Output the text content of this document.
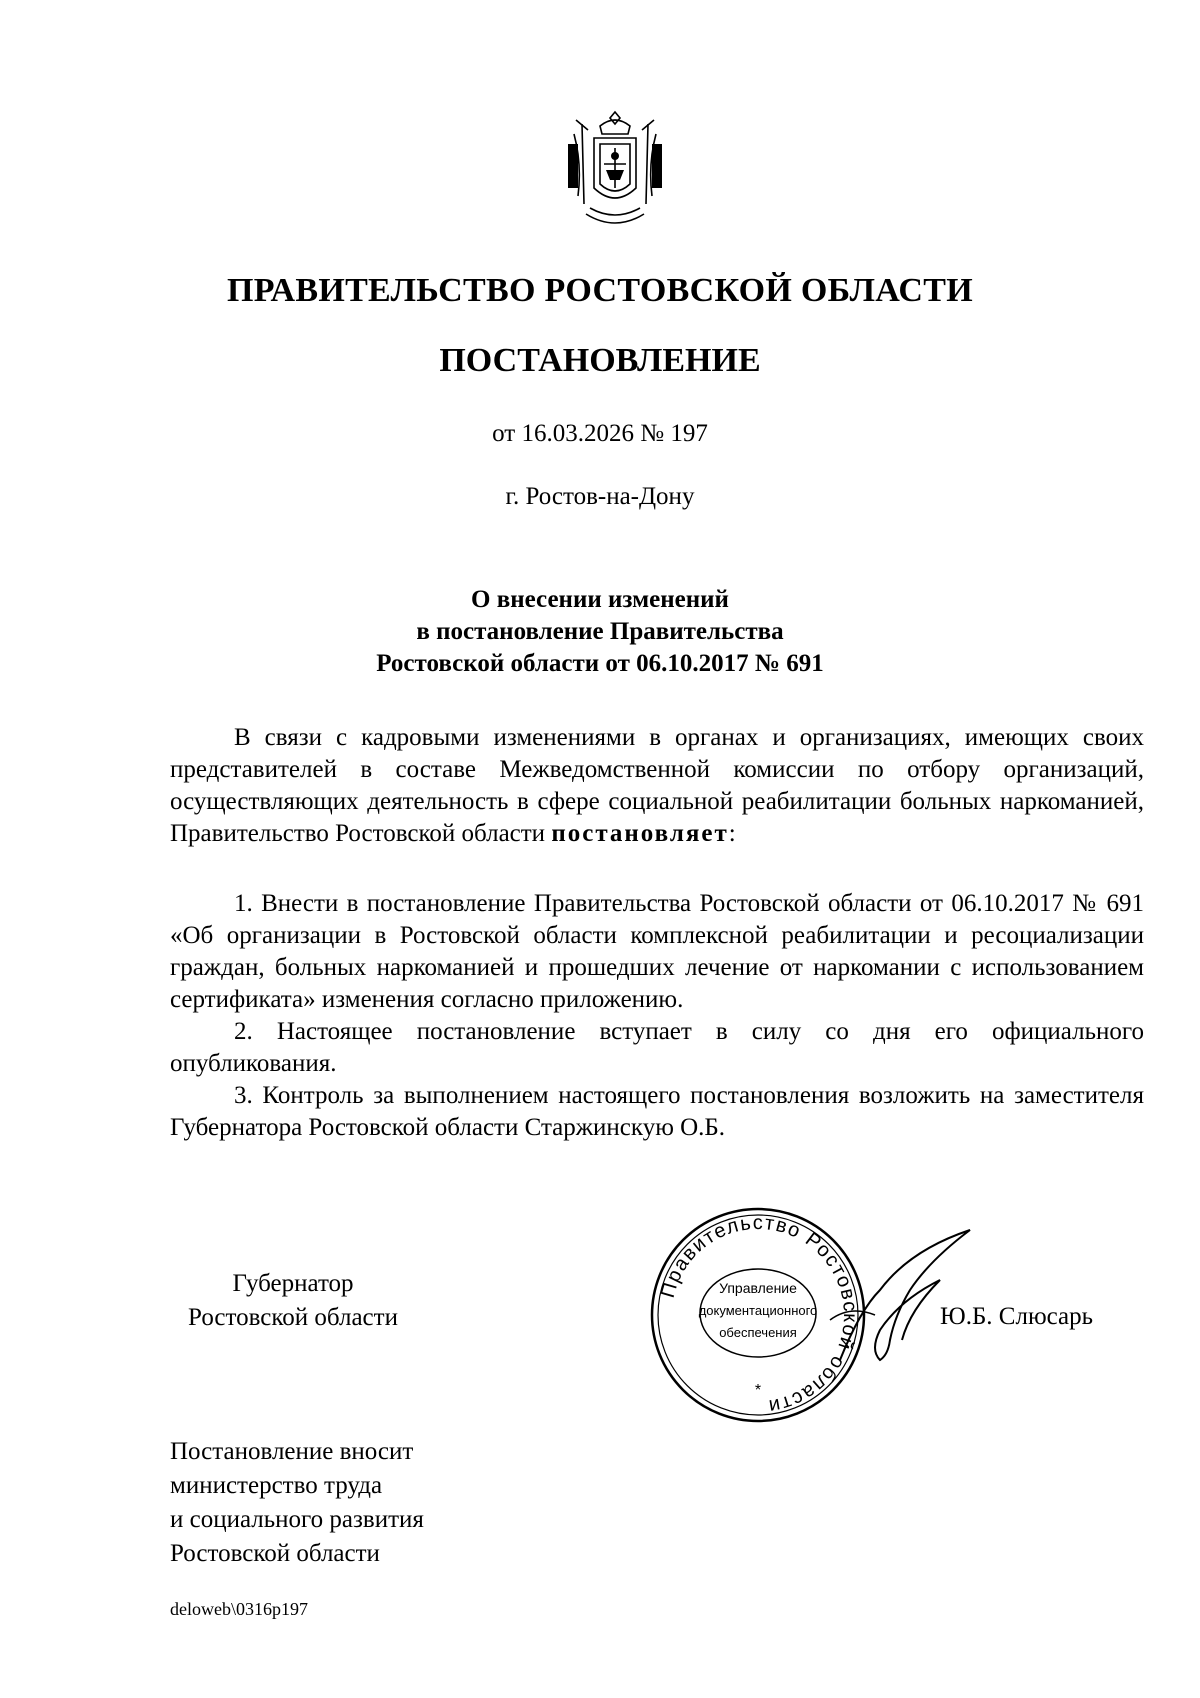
ПРАВИТЕЛЬСТВО РОСТОВСКОЙ ОБЛАСТИ
ПОСТАНОВЛЕНИЕ
от 16.03.2026 № 197
г. Ростов-на-Дону
О внесении изменений
в постановление Правительства
Ростовской области от 06.10.2017 № 691

В связи с кадровыми изменениями в органах и организациях, имеющих своих представителей в составе Межведомственной комиссии по отбору организаций, осуществляющих деятельность в сфере социальной реабилитации больных наркоманией, Правительство Ростовской области постановляет:

1. Внести в постановление Правительства Ростовской области от 06.10.2017 № 691 «Об организации в Ростовской области комплексной реабилитации и ресоциализации граждан, больных наркоманией и прошедших лечение от наркомании с использованием сертификата» изменения согласно приложению.

2. Настоящее постановление вступает в силу со дня его официального опубликования.

3. Контроль за выполнением настоящего постановления возложить на заместителя Губернатора Ростовской области Старжинскую О.Б.

Губернатор
Ростовской области
Правительство Ростовской области
Управление
документационного
обеспечения
*
Ю.Б. Слюсарь
Постановление вносит
министерство труда
и социального развития
Ростовской области
deloweb\0316p197
